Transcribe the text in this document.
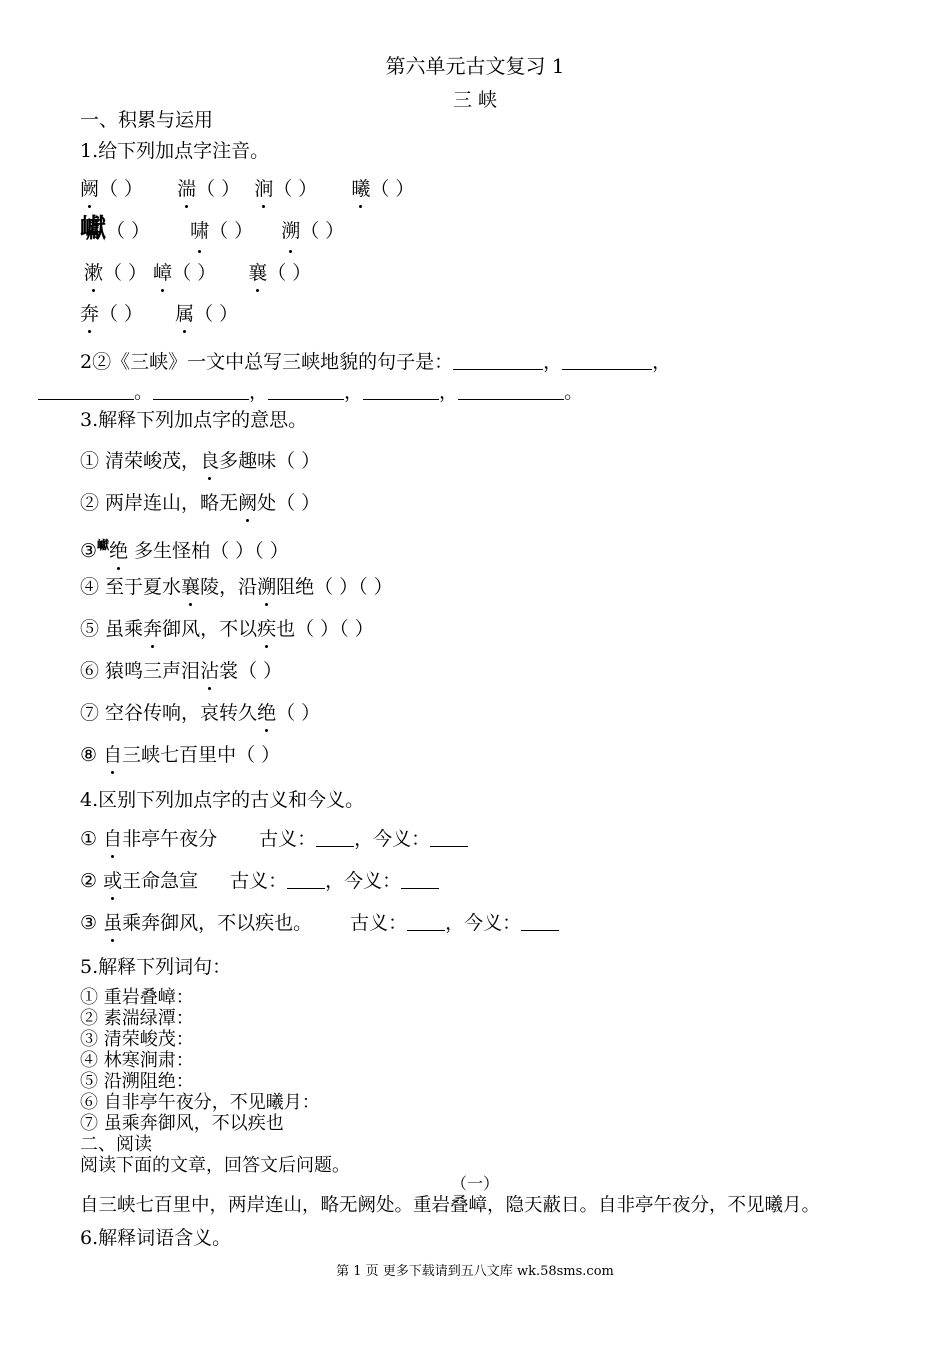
第六单元古文复习 1
三 峡
一、积累与运用
1.给下列加点字注音。
阙（ ） 湍（ ） 涧（ ） 曦（ ）
巘（ ） 啸（ ） 溯（ ）
漱（ ） 嶂（ ） 襄（ ）
奔（ ） 属（ ）
2②《三峡》一文中总写三峡地貌的句子是：	，	，
。	，	，	，	。
3.解释下列加点字的意思。
① 清荣峻茂，良多趣味（ ）
② 两岸连山，略无阙处（ ）
③$^巘$绝 多生怪柏（ ）（ ）
④ 至于夏水襄陵，沿溯阻绝（ ）（ ）
⑤ 虽乘奔御风，不以疾也（ ）（ ）
⑥ 猿鸣三声泪沾裳（ ）
⑦ 空谷传响，哀转久绝（ ）
⑧ 自三峡七百里中（ ）
4.区别下列加点字的古义和今义。
① 自非亭午夜分 古义： ，今义：
② 或王命急宣 古义： ，今义：
③ 虽乘奔御风，不以疾也。 古义： ，今义：
5.解释下列词句：
① 重岩叠嶂：
② 素湍绿潭：
③ 清荣峻茂：
④ 林寒涧肃：
⑤ 沿溯阻绝：
⑥ 自非亭午夜分，不见曦月：
⑦ 虽乘奔御风，不以疾也
二、阅读
阅读下面的文章，回答文后问题。
（一）
自三峡七百里中，两岸连山，略无阙处。重岩叠嶂，隐天蔽日。自非亭午夜分，不见曦月。
6.解释词语含义。
第 1 页 更多下载请到五八文库 wk.58sms.com
